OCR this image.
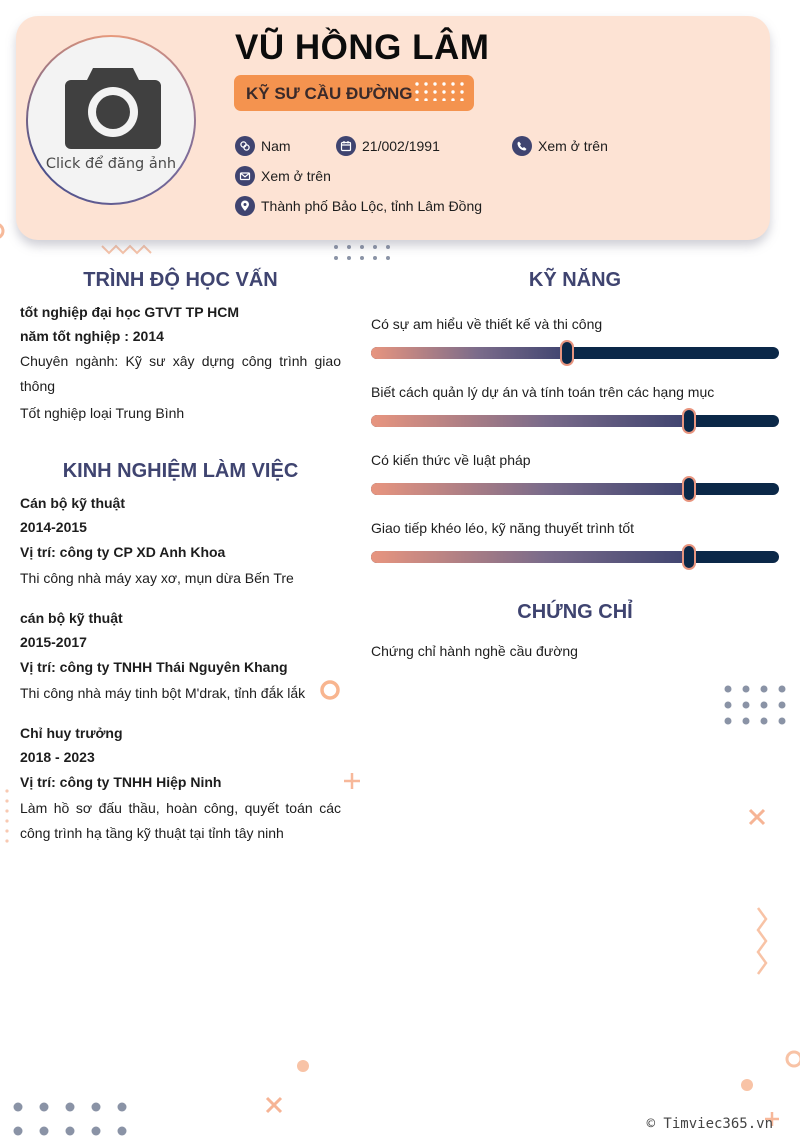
Click để đăng ảnh
VŨ HỒNG LÂM
KỸ SƯ CẦU ĐƯỜNG
Nam	21/002/1991	Xem ở trên
Xem ở trên
Thành phố Bảo Lộc, tỉnh Lâm Đồng
TRÌNH ĐỘ HỌC VẤN
tốt nghiệp đại học GTVT TP HCM
năm tốt nghiệp : 2014
Chuyên ngành: Kỹ sư xây dựng công trình giao thông
Tốt nghiệp loại Trung Bình
KINH NGHIỆM LÀM VIỆC
Cán bộ kỹ thuật
2014-2015
Vị trí: công ty CP XD Anh Khoa
Thi công nhà máy xay xơ, mụn dừa Bến Tre
cán bộ kỹ thuật
2015-2017
Vị trí: công ty TNHH Thái Nguyên Khang
Thi công nhà máy tinh bột M'drak, tỉnh đắk lắk
Chỉ huy trưởng
2018 - 2023
Vị trí: công ty TNHH Hiệp Ninh
Làm hồ sơ đấu thầu, hoàn công, quyết toán các công trình hạ tầng kỹ thuật tại tỉnh tây ninh
KỸ NĂNG
Có sự am hiểu về thiết kế và thi công
Biết cách quản lý dự án và tính toán trên các hạng mục
Có kiến thức về luật pháp
Giao tiếp khéo léo, kỹ năng thuyết trình tốt
CHỨNG CHỈ
Chứng chỉ hành nghề cầu đường
© Timviec365.vn
